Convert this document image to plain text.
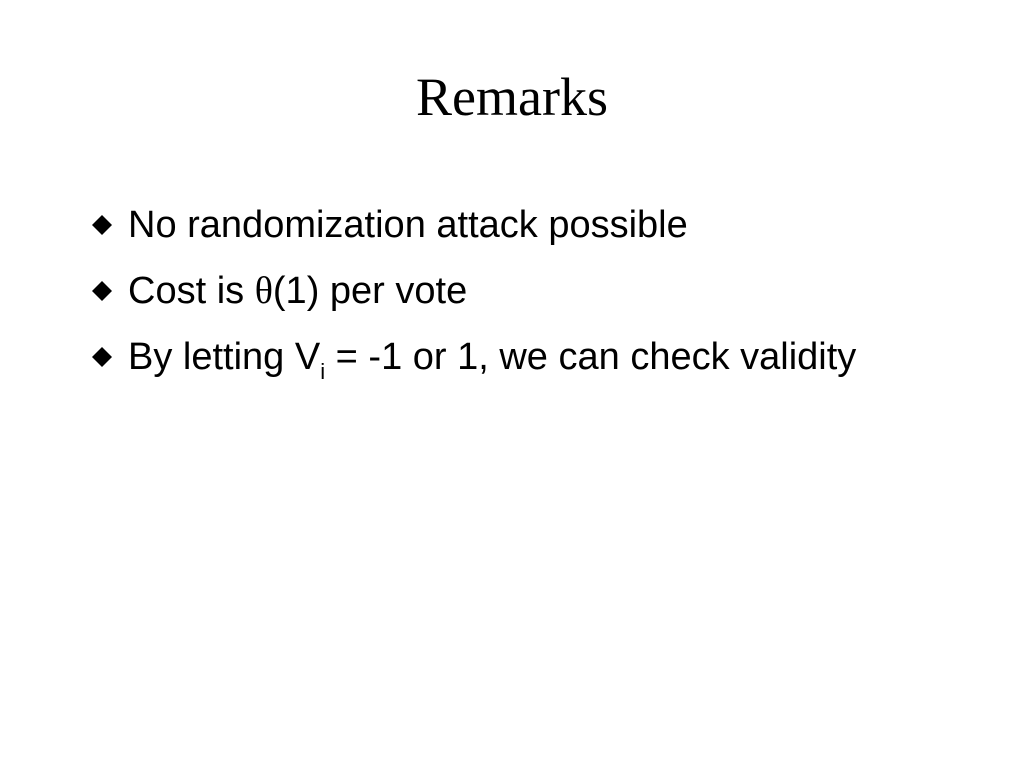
Remarks
No randomization attack possible
Cost is θ(1) per vote
By letting $V_i = -1$ or 1, we can check validity
